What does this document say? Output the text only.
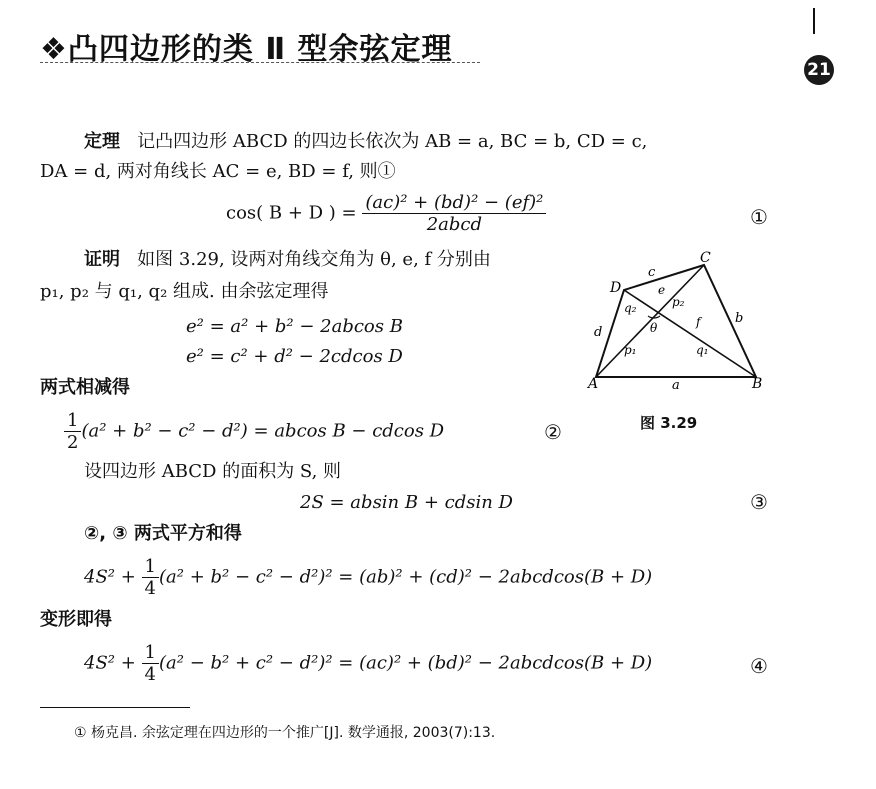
❖凸四边形的类 Ⅱ 型余弦定理
21
定理 记凸四边形 ABCD 的四边长依次为 AB = a, BC = b, CD = c,
DA = d, 两对角线长 AC = e, BD = f, 则①
cos( B + D ) = $\frac{\text{(ac)² + (bd)² − (ef)²}}{\text{2abcd}}$	①
证明 如图 3.29, 设两对角线交角为 θ, e, f 分别由
p₁, p₂ 与 q₁, q₂ 组成. 由余弦定理得
e² = a² + b² − 2abcos B
e² = c² + d² − 2cdcos D
两式相减得
$\frac{1}{2} (a^2 + b^2 - c^2 - d^2) = abcos$ B − cdcos D	②
设四边形 ABCD 的面积为 S, 则
2S = absin B + cdsin D	③
②, ③ 两式平方和得
$4S^2 + \frac{1}{4} (a^2 + b^2 - c^2 - d^2)^2 = (ab)^2 + (cd)^2$ − 2abcdcos(B + D)
变形即得
$4S^2 + \frac{1}{4} (a^2 - b^2 + c^2 - d^2)^2 = (ac)^2 + (bd)^2$ − 2abcdcos(B + D)	④
A	B
C
D
a
b
c
d
e
f
θ
p₁
p₂
q₁
q₂
图 3.29
① 杨克昌. 余弦定理在四边形的一个推广[J]. 数学通报, 2003(7):13.
